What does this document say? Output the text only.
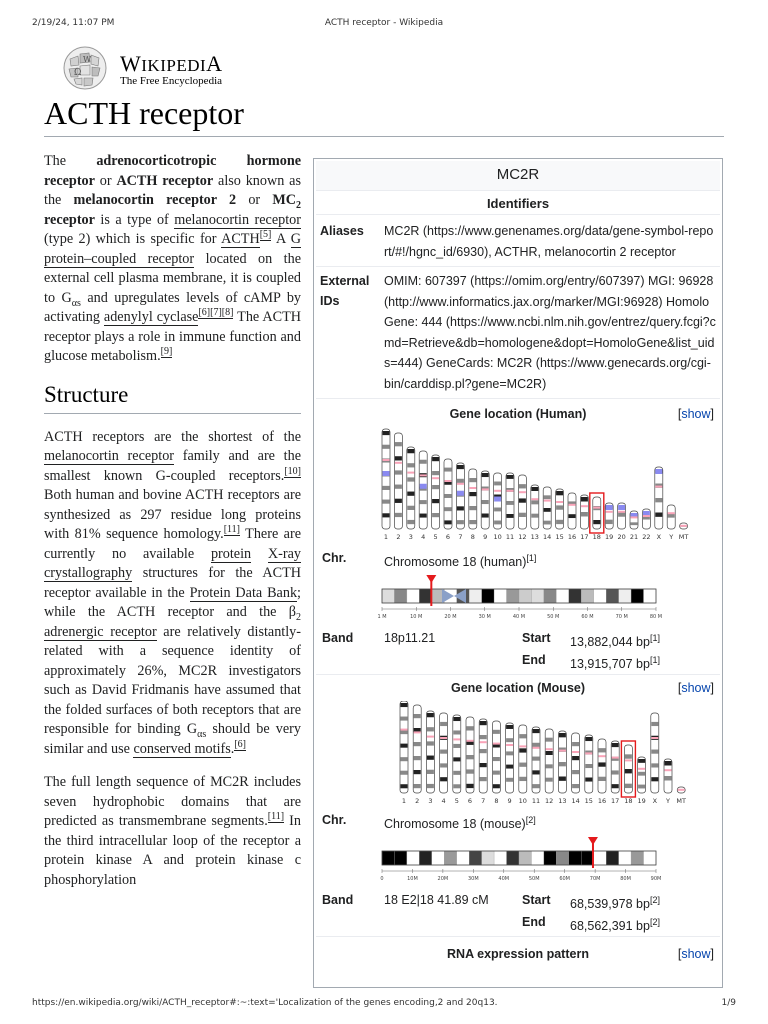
2/19/24, 11:07 PM	ACTH receptor - Wikipedia
Ω
W WIKIPEDIA
The Free Encyclopedia
ACTH receptor

The adrenocorticotropic hormone receptor or ACTH receptor also known as the melanocortin receptor 2 or $MC_2$ receptor is a type of melanocortin receptor (type 2) which is specific for ACTH[5] A G protein–coupled receptor located on the external cell plasma membrane, it is coupled to $G_{\alpha s}$ and upregulates levels of cAMP by activating adenylyl cyclase[6][7][8] The ACTH receptor plays a role in immune function and glucose metabolism.[9]

Structure

ACTH receptors are the shortest of the melanocortin receptor family and are the smallest known G-coupled receptors.[10] Both human and bovine ACTH receptors are synthesized as 297 residue long proteins with 81% sequence homology.[11] There are currently no available protein X-ray crystallography structures for the ACTH receptor available in the Protein Data Bank; while the ACTH receptor and the $\beta_2$ adrenergic receptor are relatively distantly-related with a sequence identity of approximately 26%, MC2R investigators such as David Fridmanis have assumed that the folded surfaces of both receptors that are responsible for binding $G_{\alpha s}$ should be very similar and use conserved motifs.[6]

The full length sequence of MC2R includes seven hydrophobic domains that are predicted as transmembrane segments.[11] In the third intracellular loop of the receptor a protein kinase A and protein kinase c phosphorylation

MC2R
Identifiers
Aliases	MC2R (https://www.genenames.org/data/gene-symbol-report/#!/hgnc_id/6930), ACTHR, melanocortin 2 receptor
External IDs
OMIM: 607397 (https://omim.org/entry/607397) MGI: 96928 (http://www.informatics.jax.org/marker/MGI:96928) HomoloGene: 444 (https://www.ncbi.nlm.nih.gov/entrez/query.fcgi?cmd=Retrieve&db=homologene&dopt=HomoloGene&list_uids=444) GeneCards: MC2R (https://www.genecards.org/cgi-bin/carddisp.pl?gene=MC2R)
Gene location (Human)	[show]
1 2 3 4 5 6 7 8 9 10 11 12 13 14 15 16 17 18 19 20 21 22 X Y MT
Chr.	Chromosome 18 (human)[1]
1 M	10 M	20 M	30 M	40 M	50 M	60 M	70 M	80 M
Band 18p11.21	Start 13,882,044 bp[1]
End 13,915,707 bp[1]
Gene location (Mouse)	[show]
1 2 3 4 5 6 7 8 9 10 11 12 13 14 15 16 17 18 19 X Y MT
Chr.	Chromosome 18 (mouse)[2]
0	10M	20M	30M	40M	50M	60M	70M	80M	90M
Band 18 E2|18 41.89 cM	Start 68,539,978 bp[2]
End 68,562,391 bp[2]
RNA expression pattern	[show]
https://en.wikipedia.org/wiki/ACTH_receptor#:~:text='Localization of the genes encoding,2 and 20q13.	1/9
